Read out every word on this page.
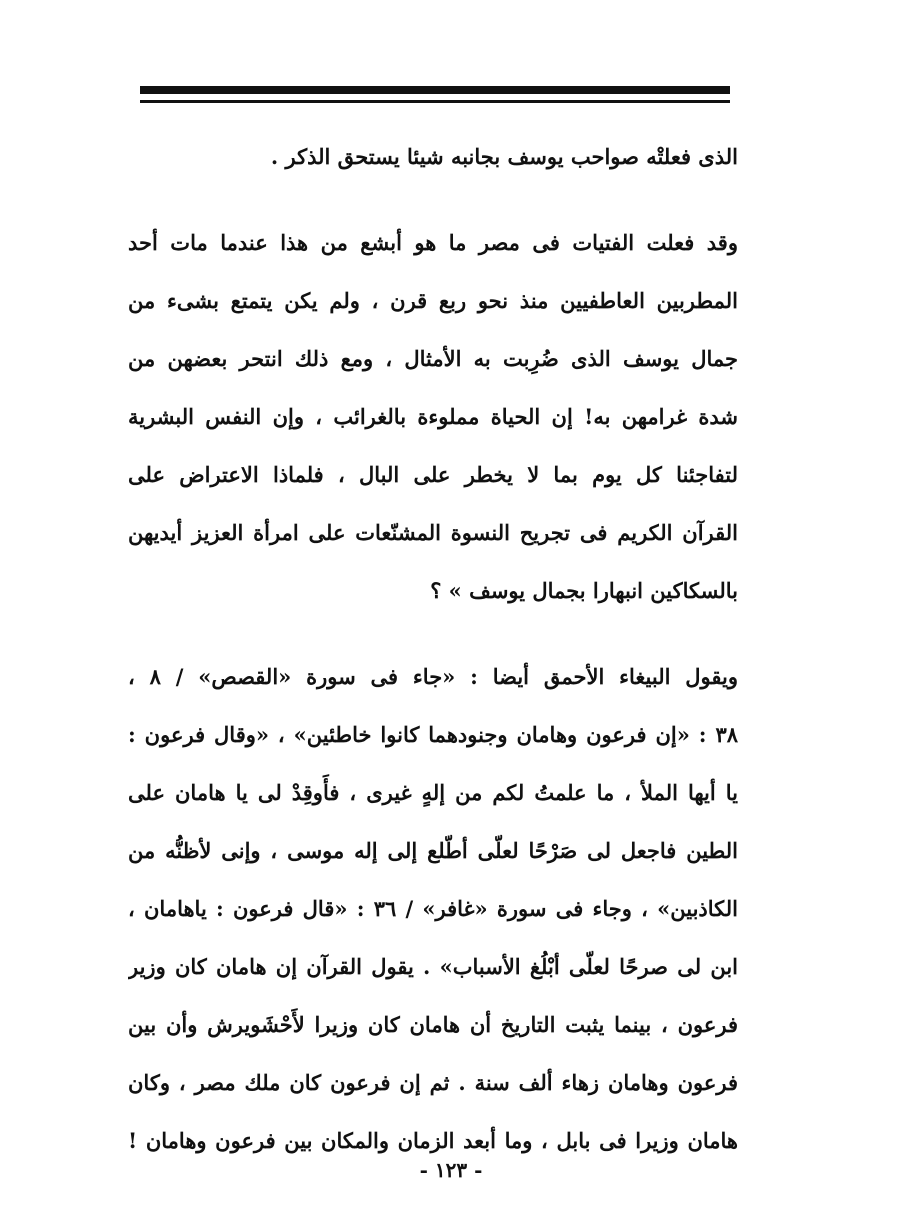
الذى فعلتْه صواحب يوسف بجانبه شيئا يستحق الذكر .
وقد فعلت الفتيات فى مصر ما هو أبشع من هذا عندما مات أحد
المطربين العاطفيين منذ نحو ربع قرن ، ولم يكن يتمتع بشىء من
جمال يوسف الذى ضُرِبت به الأمثال ، ومع ذلك انتحر بعضهن من
شدة غرامهن به! إن الحياة مملوءة بالغرائب ، وإن النفس البشرية
لتفاجئنا كل يوم بما لا يخطر على البال ، فلماذا الاعتراض على
القرآن الكريم فى تجريح النسوة المشنّعات على امرأة العزيز أيديهن
بالسكاكين انبهارا بجمال يوسف » ؟
ويقول البيغاء الأحمق أيضا : «جاء فى سورة «القصص» / ٨ ،
٣٨ : «إن فرعون وهامان وجنودهما كانوا خاطئين» ، «وقال فرعون :
يا أيها الملأ ، ما علمتُ لكم من إلهٍ غيرى ، فأَوقِدْ لى يا هامان على
الطين فاجعل لى صَرْحًا لعلّى أطّلع إلى إله موسى ، وإنى لأظنُّه من
الكاذبين» ، وجاء فى سورة «غافر» / ٣٦ : «قال فرعون : ياهامان ،
ابن لى صرحًا لعلّى أبْلُغ الأسباب» . يقول القرآن إن هامان كان وزير
فرعون ، بينما يثبت التاريخ أن هامان كان وزيرا لأَحْشَويرش وأن بين
فرعون وهامان زهاء ألف سنة . ثم إن فرعون كان ملك مصر ، وكان
هامان وزيرا فى بابل ، وما أبعد الزمان والمكان بين فرعون وهامان !
- ١٢٣ -
